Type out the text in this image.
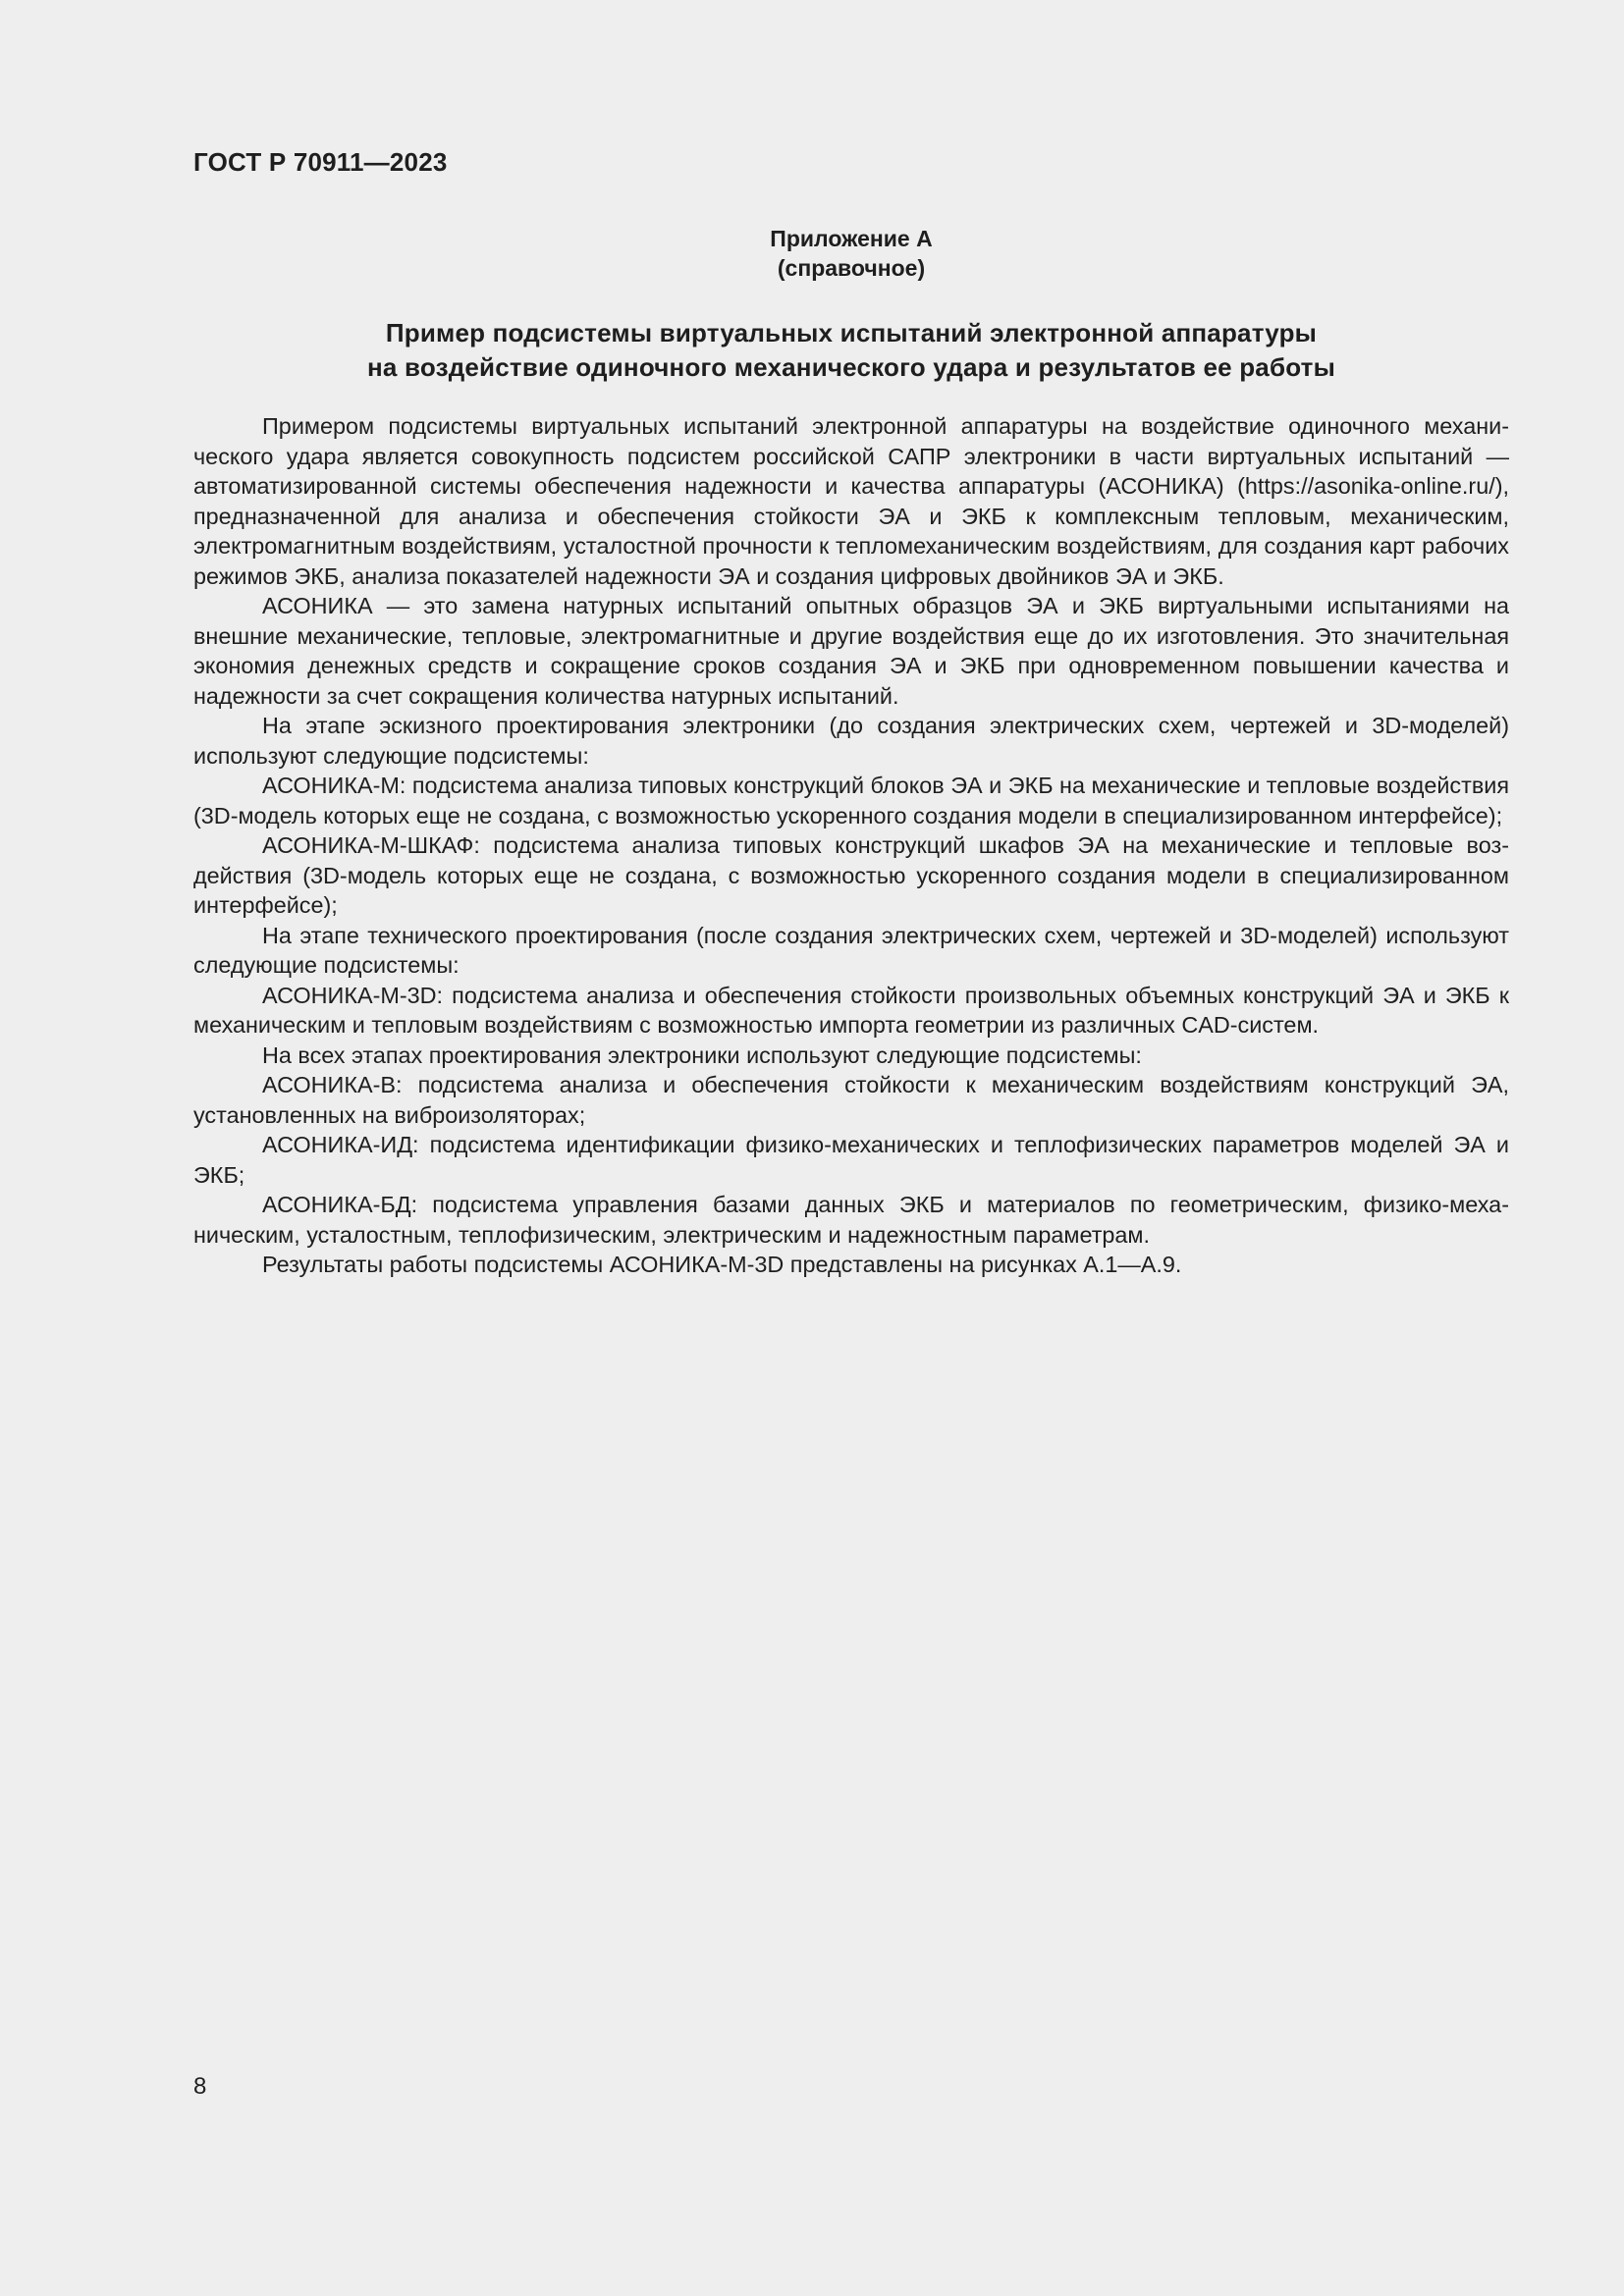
ГОСТ Р 70911—2023
Приложение А
(справочное)
Пример подсистемы виртуальных испытаний электронной аппаратуры
на воздействие одиночного механического удара и результатов ее работы

Примером подсистемы виртуальных испытаний электронной аппаратуры на воздействие одиночного механического удара является совокупность подсистем российской САПР электроники в части виртуальных испытаний — автоматизированной системы обеспечения надежности и качества аппаратуры (АСОНИКА) (https://asonika-online.ru/), предназначенной для анализа и обеспечения стойкости ЭА и ЭКБ к комплексным тепловым, механическим, электромагнитным воздействиям, усталостной прочности к тепломеханическим воздействиям, для создания карт рабочих режимов ЭКБ, анализа показателей надежности ЭА и создания цифровых двойников ЭА и ЭКБ.

АСОНИКА — это замена натурных испытаний опытных образцов ЭА и ЭКБ виртуальными испытаниями на внешние механические, тепловые, электромагнитные и другие воздействия еще до их изготовления. Это значительная экономия денежных средств и сокращение сроков создания ЭА и ЭКБ при одновременном повышении качества и надежности за счет сокращения количества натурных испытаний.

На этапе эскизного проектирования электроники (до создания электрических схем, чертежей и 3D-моделей) используют следующие подсистемы:

АСОНИКА-М: подсистема анализа типовых конструкций блоков ЭА и ЭКБ на механические и тепловые воздействия (3D-модель которых еще не создана, с возможностью ускоренного создания модели в специализированном интерфейсе);

АСОНИКА-М-ШКАФ: подсистема анализа типовых конструкций шкафов ЭА на механические и тепловые воздействия (3D-модель которых еще не создана, с возможностью ускоренного создания модели в специализированном интерфейсе);

На этапе технического проектирования (после создания электрических схем, чертежей и 3D-моделей) используют следующие подсистемы:

АСОНИКА-М-3D: подсистема анализа и обеспечения стойкости произвольных объемных конструкций ЭА и ЭКБ к механическим и тепловым воздействиям с возможностью импорта геометрии из различных CAD-систем.

На всех этапах проектирования электроники используют следующие подсистемы:

АСОНИКА-В: подсистема анализа и обеспечения стойкости к механическим воздействиям конструкций ЭА, установленных на виброизоляторах;

АСОНИКА-ИД: подсистема идентификации физико-механических и теплофизических параметров моделей ЭА и ЭКБ;

АСОНИКА-БД: подсистема управления базами данных ЭКБ и материалов по геометрическим, физико-механическим, усталостным, теплофизическим, электрическим и надежностным параметрам.

Результаты работы подсистемы АСОНИКА-М-3D представлены на рисунках А.1—А.9.

8
